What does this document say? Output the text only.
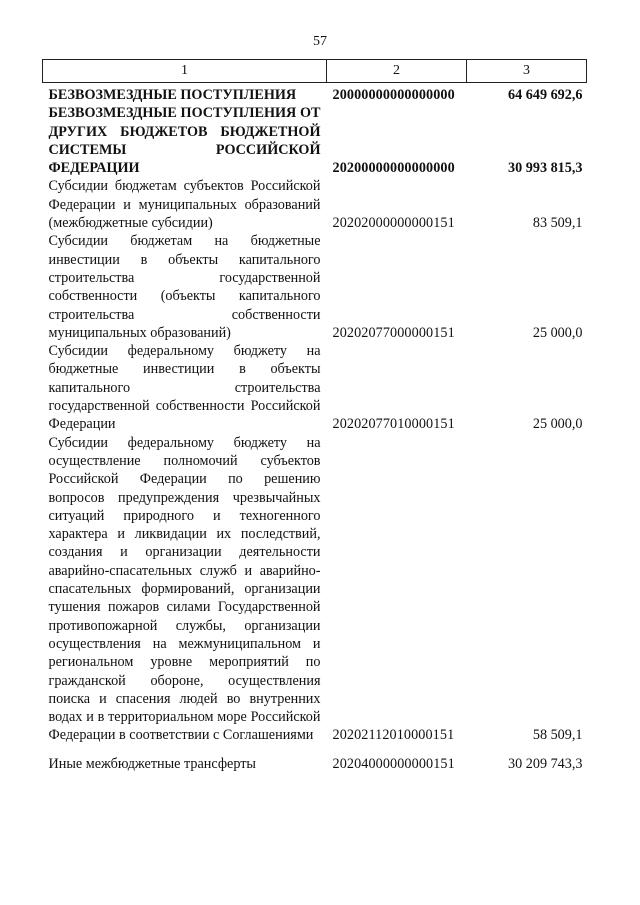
57
1	2	3
БЕЗВОЗМЕЗДНЫЕ ПОСТУПЛЕНИЯ	20000000000000000	64 649 692,6
БЕЗВОЗМЕЗДНЫЕ ПОСТУПЛЕНИЯ ОТ ДРУГИХ БЮДЖЕТОВ БЮДЖЕТНОЙ СИСТЕМЫ РОССИЙСКОЙ ФЕДЕРАЦИИ	20200000000000000	30 993 815,3
Субсидии бюджетам субъектов Российской Федерации и муниципальных образований (межбюджетные субсидии)	20202000000000151	83 509,1
Субсидии бюджетам на бюджетные инвестиции в объекты капитального строительства государственной собственности (объекты капитального строительства собственности муниципальных образований)	20202077000000151	25 000,0
Субсидии федеральному бюджету на бюджетные инвестиции в объекты капитального строительства государственной собственности Российской Федерации	20202077010000151	25 000,0
Субсидии федеральному бюджету на осуществление полномочий субъектов Российской Федерации по решению вопросов предупреждения чрезвычайных ситуаций природного и техногенного характера и ликвидации их последствий, создания и организации деятельности аварийно-спасательных служб и аварийно-спасательных формирований, организации тушения пожаров силами Государственной противопожарной службы, организации осуществления на межмуниципальном и региональном уровне мероприятий по гражданской обороне, осуществления поиска и спасения людей во внутренних водах и в территориальном море Российской Федерации в соответствии с Соглашениями	20202112010000151	58 509,1
Иные межбюджетные трансферты	20204000000000151	30 209 743,3
